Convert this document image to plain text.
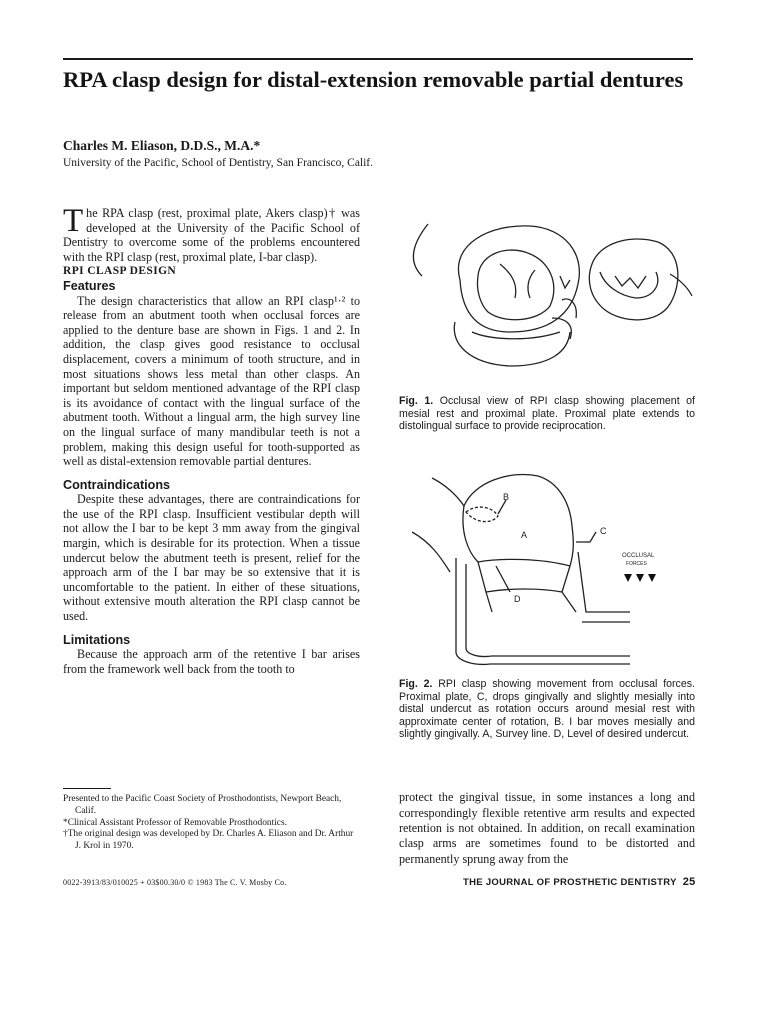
RPA clasp design for distal-extension removable partial dentures
Charles M. Eliason, D.D.S., M.A.*
University of the Pacific, School of Dentistry, San Francisco, Calif.

The RPA clasp (rest, proximal plate, Akers clasp)† was developed at the University of the Pacific School of Dentistry to overcome some of the problems encountered with the RPI clasp (rest, proximal plate, I-bar clasp).

RPI CLASP DESIGN

Features

The design characteristics that allow an RPI clasp¹·² to release from an abutment tooth when occlusal forces are applied to the denture base are shown in Figs. 1 and 2. In addition, the clasp gives good resistance to occlusal displacement, covers a minimum of tooth structure, and in most situations shows less metal than other clasps. An important but seldom mentioned advantage of the RPI clasp is its avoidance of contact with the lingual surface of the abutment tooth. Without a lingual arm, the high survey line on the lingual surface of many mandibular teeth is not a problem, making this design useful for tooth-supported as well as distal-extension removable partial dentures.

Contraindications

Despite these advantages, there are contraindications for the use of the RPI clasp. Insufficient vestibular depth will not allow the I bar to be kept 3 mm away from the gingival margin, which is desirable for its protection. When a tissue undercut below the abutment teeth is present, relief for the approach arm of the I bar may be so extensive that it is uncomfortable to the patient. In either of these situations, without extensive mouth alteration the RPI clasp cannot be used.

Limitations

Because the approach arm of the retentive I bar arises from the framework well back from the tooth to

Presented to the Pacific Coast Society of Prosthodontists, Newport Beach, Calif.

*Clinical Assistant Professor of Removable Prosthodontics.

†The original design was developed by Dr. Charles A. Eliason and Dr. Arthur J. Krol in 1970.

Fig. 1. Occlusal view of RPI clasp showing placement of mesial rest and proximal plate. Proximal plate extends to distolingual surface to provide reciprocation.
B
A	C
D
OCCLUSAL
FORCES
Fig. 2. RPI clasp showing movement from occlusal forces. Proximal plate, C, drops gingivally and slightly mesially into distal undercut as rotation occurs around mesial rest with approximate center of rotation, B. I bar moves mesially and slightly gingivally. A, Survey line. D, Level of desired undercut.

protect the gingival tissue, in some instances a long and correspondingly flexible retentive arm results and expected retention is not obtained. In addition, on recall examination clasp arms are sometimes found to be distorted and permanently sprung away from the

0022-3913/83/010025 + 03$00.30/0 © 1983 The C. V. Mosby Co.	THE JOURNAL OF PROSTHETIC DENTISTRY 25
